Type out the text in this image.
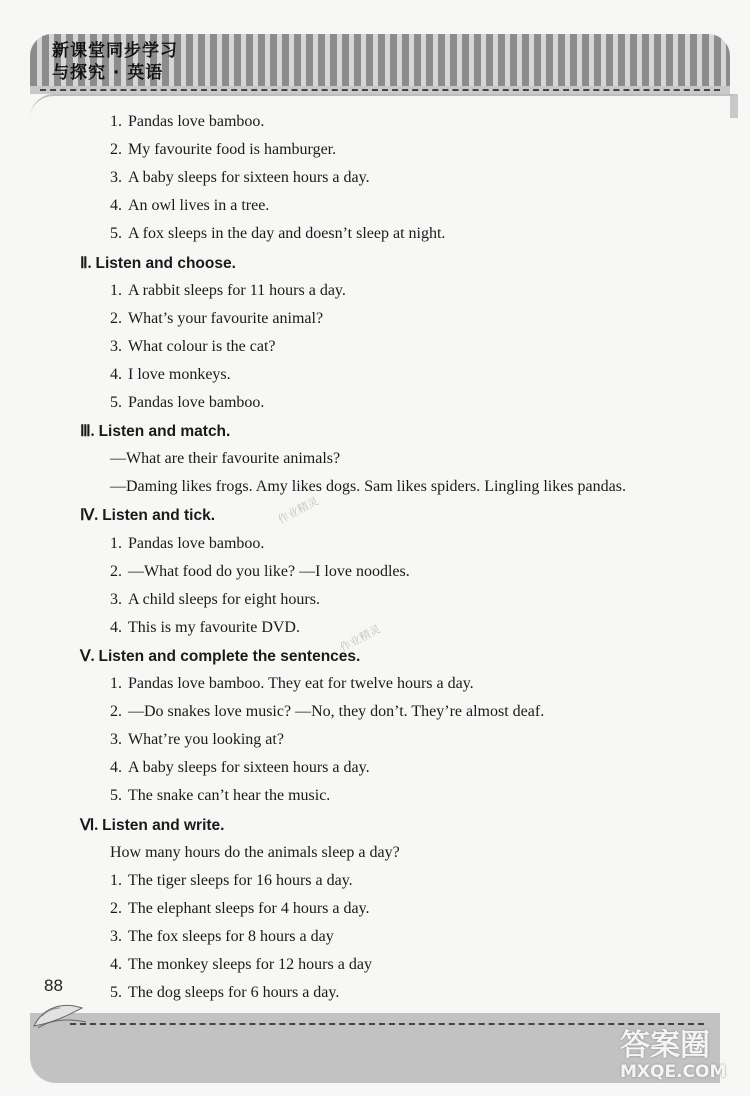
新课堂同步学习
与探究 · 英语
1. Pandas love bamboo.
2. My favourite food is hamburger.
3. A baby sleeps for sixteen hours a day.
4. An owl lives in a tree.
5. A fox sleeps in the day and doesn’t sleep at night.
Ⅱ. Listen and choose.
1. A rabbit sleeps for 11 hours a day.
2. What’s your favourite animal?
3. What colour is the cat?
4. I love monkeys.
5. Pandas love bamboo.
Ⅲ. Listen and match.
—What are their favourite animals?
—Daming likes frogs. Amy likes dogs. Sam likes spiders. Lingling likes pandas.
Ⅳ. Listen and tick.
1. Pandas love bamboo.
2. —What food do you like? —I love noodles.
3. A child sleeps for eight hours.
4. This is my favourite DVD.
Ⅴ. Listen and complete the sentences.
1. Pandas love bamboo. They eat for twelve hours a day.
2. —Do snakes love music? —No, they don’t. They’re almost deaf.
3. What’re you looking at?
4. A baby sleeps for sixteen hours a day.
5. The snake can’t hear the music.
Ⅵ. Listen and write.
How many hours do the animals sleep a day?
1. The tiger sleeps for 16 hours a day.
2. The elephant sleeps for 4 hours a day.
3. The fox sleeps for 8 hours a day
4. The monkey sleeps for 12 hours a day
5. The dog sleeps for 6 hours a day.
作业精灵
作业精灵
88
答案圈
MXQE.COM
